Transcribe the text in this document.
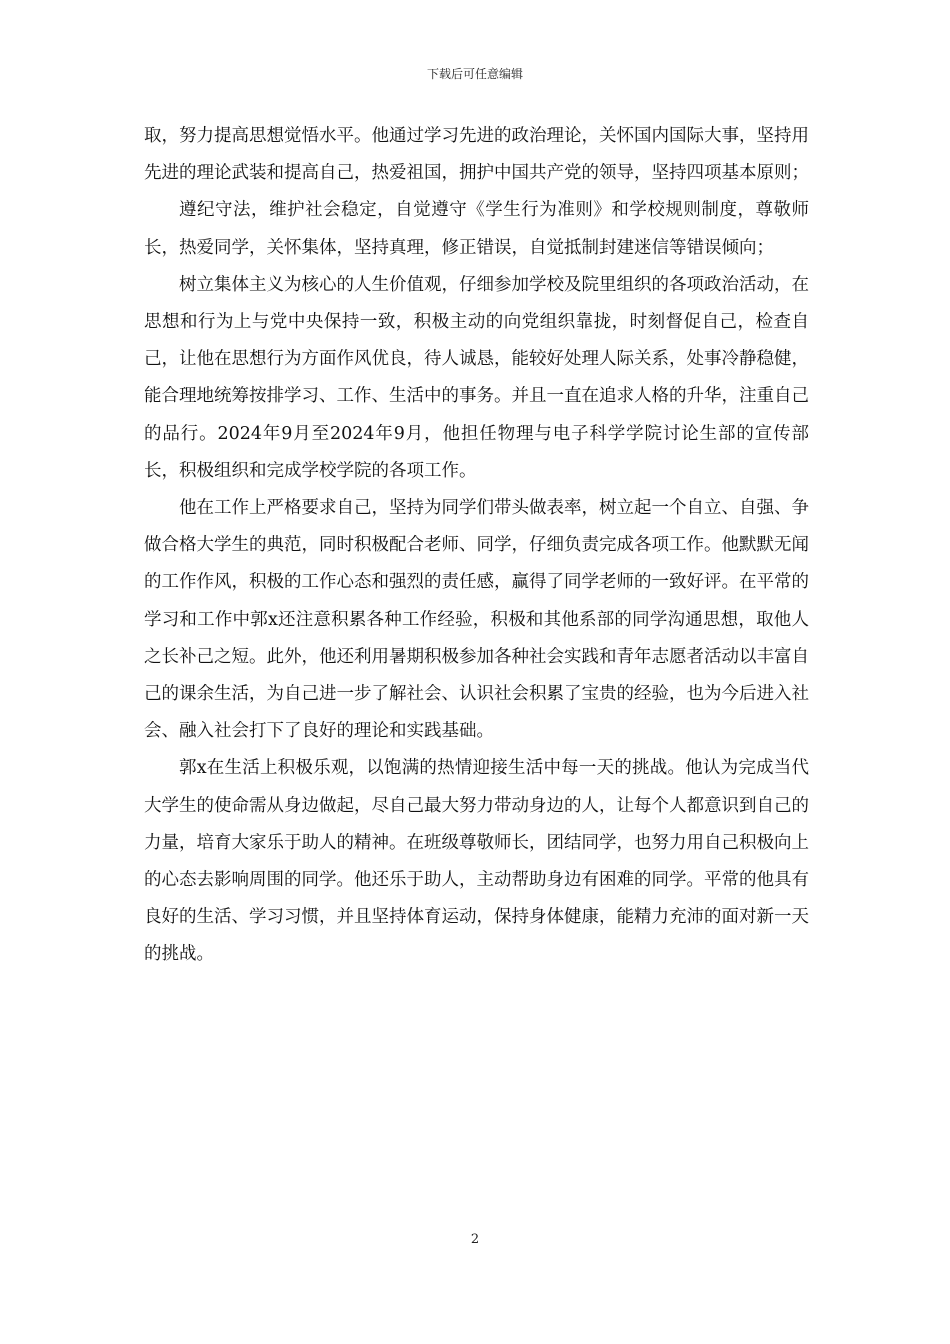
下载后可任意编辑

取，努力提高思想觉悟水平。他通过学习先进的政治理论，关怀国内国际大事，坚持用先进的理论武装和提高自己，热爱祖国，拥护中国共产党的领导，坚持四项基本原则；

遵纪守法，维护社会稳定，自觉遵守《学生行为准则》和学校规则制度，尊敬师长，热爱同学，关怀集体，坚持真理，修正错误，自觉抵制封建迷信等错误倾向；

树立集体主义为核心的人生价值观，仔细参加学校及院里组织的各项政治活动，在思想和行为上与党中央保持一致，积极主动的向党组织靠拢，时刻督促自己，检查自己，让他在思想行为方面作风优良，待人诚恳，能较好处理人际关系，处事冷静稳健，能合理地统筹按排学习、工作、生活中的事务。并且一直在追求人格的升华，注重自己的品行。2024年9月至2024年9月，他担任物理与电子科学学院讨论生部的宣传部长，积极组织和完成学校学院的各项工作。

他在工作上严格要求自己，坚持为同学们带头做表率，树立起一个自立、自强、争做合格大学生的典范，同时积极配合老师、同学，仔细负责完成各项工作。他默默无闻的工作作风，积极的工作心态和强烈的责任感，赢得了同学老师的一致好评。在平常的学习和工作中郭x还注意积累各种工作经验，积极和其他系部的同学沟通思想，取他人之长补己之短。此外，他还利用暑期积极参加各种社会实践和青年志愿者活动以丰富自己的课余生活，为自己进一步了解社会、认识社会积累了宝贵的经验，也为今后进入社会、融入社会打下了良好的理论和实践基础。

郭x在生活上积极乐观，以饱满的热情迎接生活中每一天的挑战。他认为完成当代大学生的使命需从身边做起，尽自己最大努力带动身边的人，让每个人都意识到自己的力量，培育大家乐于助人的精神。在班级尊敬师长，团结同学，也努力用自己积极向上的心态去影响周围的同学。他还乐于助人，主动帮助身边有困难的同学。平常的他具有良好的生活、学习习惯，并且坚持体育运动，保持身体健康，能精力充沛的面对新一天的挑战。

2
